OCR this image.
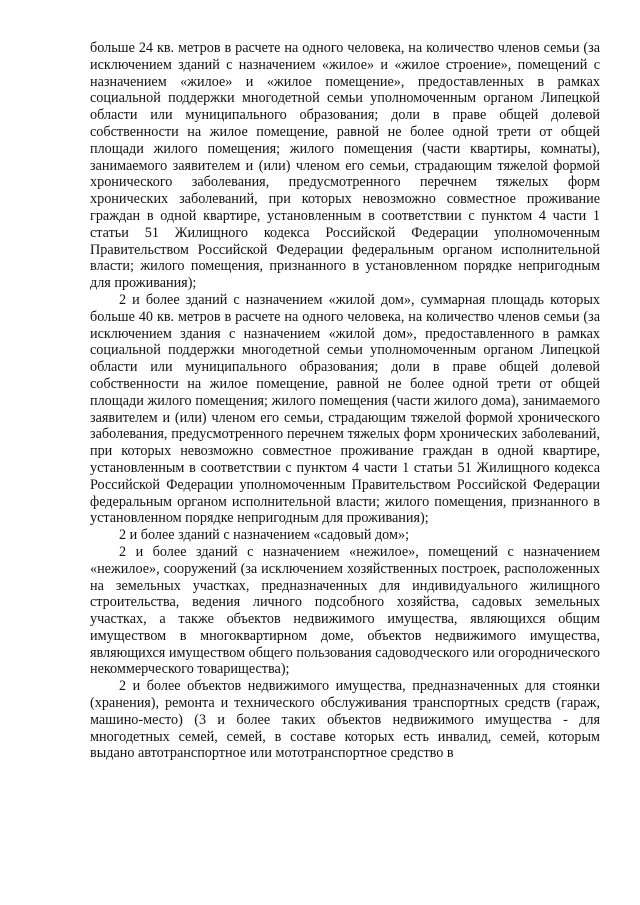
больше 24 кв. метров в расчете на одного человека, на количество членов семьи (за исключением зданий с назначением «жилое» и «жилое строение», помещений с назначением «жилое» и «жилое помещение», предоставленных в рамках социальной поддержки многодетной семьи уполномоченным органом Липецкой области или муниципального образования; доли в праве общей долевой собственности на жилое помещение, равной не более одной трети от общей площади жилого помещения; жилого помещения (части квартиры, комнаты), занимаемого заявителем и (или) членом его семьи, страдающим тяжелой формой хронического заболевания, предусмотренного перечнем тяжелых форм хронических заболеваний, при которых невозможно совместное проживание граждан в одной квартире, установленным в соответствии с пунктом 4 части 1 статьи 51 Жилищного кодекса Российской Федерации уполномоченным Правительством Российской Федерации федеральным органом исполнительной власти; жилого помещения, признанного в установленном порядке непригодным для проживания);

2 и более зданий с назначением «жилой дом», суммарная площадь которых больше 40 кв. метров в расчете на одного человека, на количество членов семьи (за исключением здания с назначением «жилой дом», предоставленного в рамках социальной поддержки многодетной семьи уполномоченным органом Липецкой области или муниципального образования; доли в праве общей долевой собственности на жилое помещение, равной не более одной трети от общей площади жилого помещения; жилого помещения (части жилого дома), занимаемого заявителем и (или) членом его семьи, страдающим тяжелой формой хронического заболевания, предусмотренного перечнем тяжелых форм хронических заболеваний, при которых невозможно совместное проживание граждан в одной квартире, установленным в соответствии с пунктом 4 части 1 статьи 51 Жилищного кодекса Российской Федерации уполномоченным Правительством Российской Федерации федеральным органом исполнительной власти; жилого помещения, признанного в установленном порядке непригодным для проживания);

2 и более зданий с назначением «садовый дом»;

2 и более зданий с назначением «нежилое», помещений с назначением «нежилое», сооружений (за исключением хозяйственных построек, расположенных на земельных участках, предназначенных для индивидуального жилищного строительства, ведения личного подсобного хозяйства, садовых земельных участках, а также объектов недвижимого имущества, являющихся общим имуществом в многоквартирном доме, объектов недвижимого имущества, являющихся имуществом общего пользования садоводческого или огороднического некоммерческого товарищества);

2 и более объектов недвижимого имущества, предназначенных для стоянки (хранения), ремонта и технического обслуживания транспортных средств (гараж, машино-место) (3 и более таких объектов недвижимого имущества - для многодетных семей, семей, в составе которых есть инвалид, семей, которым выдано автотранспортное или мототранспортное средство в
